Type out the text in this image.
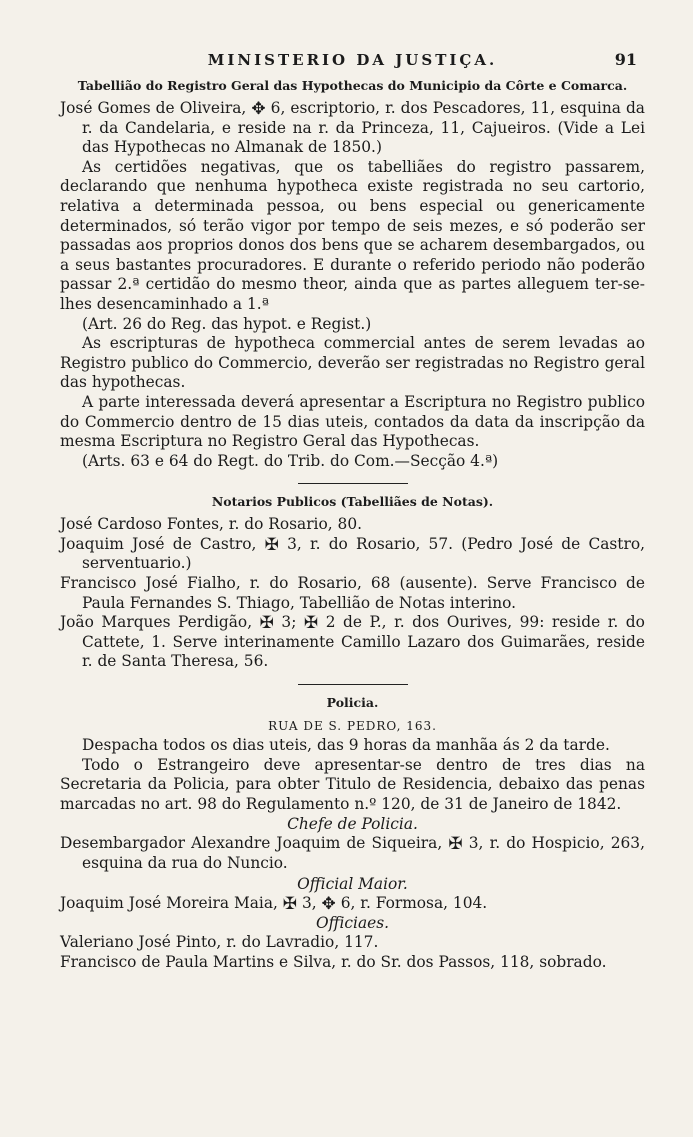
MINISTERIO DA JUSTIÇA.	91
Tabellião do Registro Geral das Hypothecas do Municipio da Côrte e Comarca.

José Gomes de Oliveira, ✥ 6, escriptorio, r. dos Pescadores, 11, esquina da r. da Candelaria, e reside na r. da Princeza, 11, Cajueiros. (Vide a Lei das Hypothecas no Almanak de 1850.)

As certidões negativas, que os tabelliães do registro passarem, declarando que nenhuma hypotheca existe registrada no seu cartorio, relativa a determinada pessoa, ou bens especial ou genericamente determinados, só terão vigor por tempo de seis mezes, e só poderão ser passadas aos proprios donos dos bens que se acharem desembargados, ou a seus bastantes procuradores. E durante o referido periodo não poderão passar 2.ª certidão do mesmo theor, ainda que as partes alleguem ter-se-lhes desencaminhado a 1.ª

(Art. 26 do Reg. das hypot. e Regist.)

As escripturas de hypotheca commercial antes de serem levadas ao Registro publico do Commercio, deverão ser registradas no Registro geral das hypothecas.

A parte interessada deverá apresentar a Escriptura no Registro publico do Commercio dentro de 15 dias uteis, contados da data da inscripção da mesma Escriptura no Registro Geral das Hypothecas.

(Arts. 63 e 64 do Regt. do Trib. do Com.—Secção 4.ª)

Notarios Publicos (Tabelliães de Notas).

José Cardoso Fontes, r. do Rosario, 80.

Joaquim José de Castro, ✠ 3, r. do Rosario, 57. (Pedro José de Castro, serventuario.)

Francisco José Fialho, r. do Rosario, 68 (ausente). Serve Francisco de Paula Fernandes S. Thiago, Tabellião de Notas interino.

João Marques Perdigão, ✠ 3; ✠ 2 de P., r. dos Ourives, 99: reside r. do Cattete, 1. Serve interinamente Camillo Lazaro dos Guimarães, reside r. de Santa Theresa, 56.

Policia.

RUA DE S. PEDRO, 163.

Despacha todos os dias uteis, das 9 horas da manhãa ás 2 da tarde.

Todo o Estrangeiro deve apresentar-se dentro de tres dias na Secretaria da Policia, para obter Titulo de Residencia, debaixo das penas marcadas no art. 98 do Regulamento n.º 120, de 31 de Janeiro de 1842.

Chefe de Policia.

Desembargador Alexandre Joaquim de Siqueira, ✠ 3, r. do Hospicio, 263, esquina da rua do Nuncio.

Official Maior.

Joaquim José Moreira Maia, ✠ 3, ✥ 6, r. Formosa, 104.

Officiaes.

Valeriano José Pinto, r. do Lavradio, 117.

Francisco de Paula Martins e Silva, r. do Sr. dos Passos, 118, sobrado.
